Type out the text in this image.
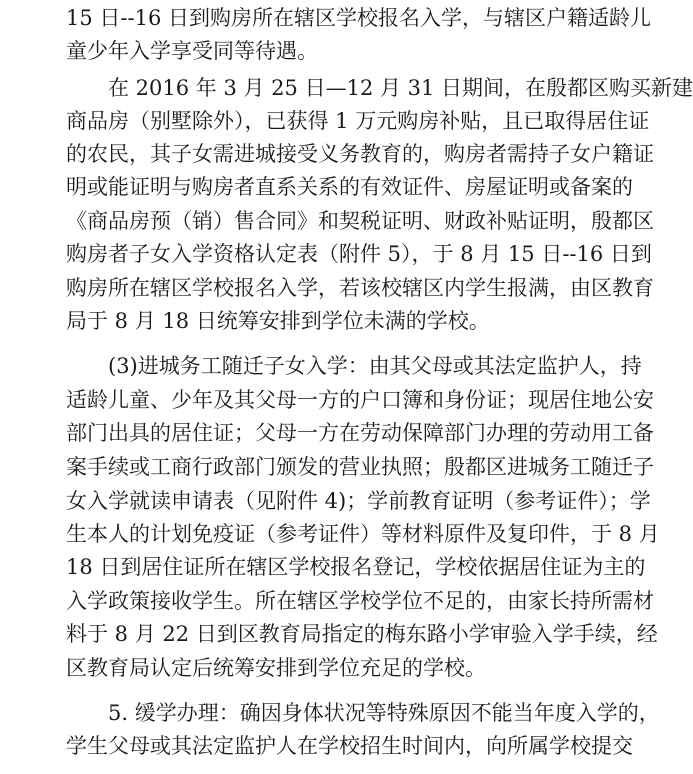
15 日--16 日到购房所在辖区学校报名入学，与辖区户籍适龄儿
童少年入学享受同等待遇。
在 2016 年 3 月 25 日—12 月 31 日期间，在殷都区购买新建
商品房（别墅除外），已获得 1 万元购房补贴，且已取得居住证
的农民，其子女需进城接受义务教育的，购房者需持子女户籍证
明或能证明与购房者直系关系的有效证件、房屋证明或备案的
《商品房预（销）售合同》和契税证明、财政补贴证明，殷都区
购房者子女入学资格认定表（附件 5），于 8 月 15 日--16 日到
购房所在辖区学校报名入学，若该校辖区内学生报满，由区教育
局于 8 月 18 日统筹安排到学位未满的学校。
(3)进城务工随迁子女入学：由其父母或其法定监护人，持
适龄儿童、少年及其父母一方的户口簿和身份证；现居住地公安
部门出具的居住证；父母一方在劳动保障部门办理的劳动用工备
案手续或工商行政部门颁发的营业执照；殷都区进城务工随迁子
女入学就读申请表（见附件 4)；学前教育证明（参考证件）；学
生本人的计划免疫证（参考证件）等材料原件及复印件，于 8 月
18 日到居住证所在辖区学校报名登记，学校依据居住证为主的
入学政策接收学生。所在辖区学校学位不足的，由家长持所需材
料于 8 月 22 日到区教育局指定的梅东路小学审验入学手续，经
区教育局认定后统筹安排到学位充足的学校。
5. 缓学办理：确因身体状况等特殊原因不能当年度入学的，
学生父母或其法定监护人在学校招生时间内，向所属学校提交
